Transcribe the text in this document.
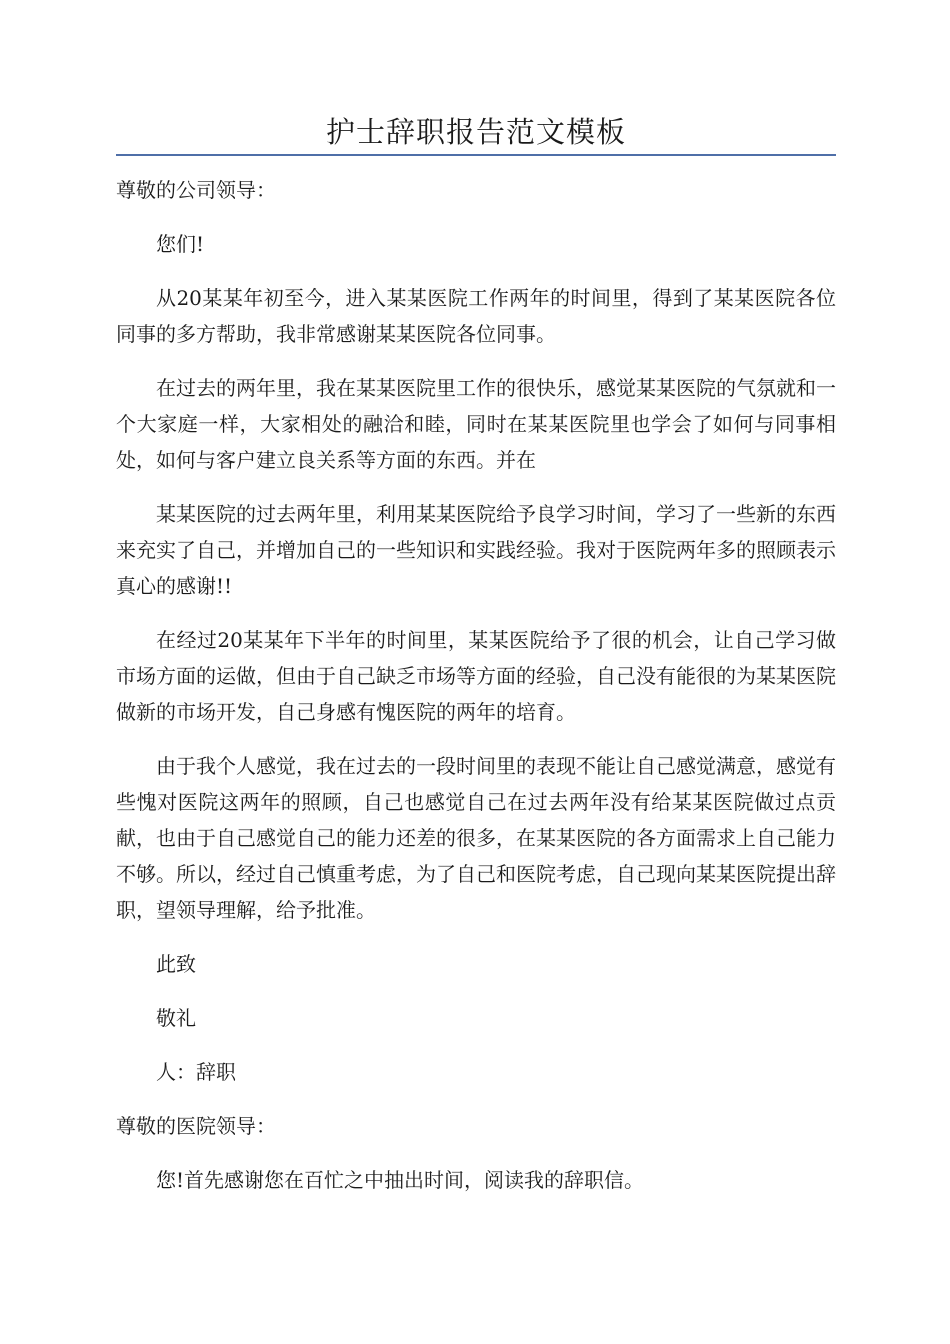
护士辞职报告范文模板

尊敬的公司领导：

您们!

从20某某年初至今，进入某某医院工作两年的时间里，得到了某某医院各位同事的多方帮助，我非常感谢某某医院各位同事。

在过去的两年里，我在某某医院里工作的很快乐，感觉某某医院的气氛就和一个大家庭一样，大家相处的融洽和睦，同时在某某医院里也学会了如何与同事相处，如何与客户建立良关系等方面的东西。并在

某某医院的过去两年里，利用某某医院给予良学习时间，学习了一些新的东西来充实了自己，并增加自己的一些知识和实践经验。我对于医院两年多的照顾表示真心的感谢!!

在经过20某某年下半年的时间里，某某医院给予了很的机会，让自己学习做市场方面的运做，但由于自己缺乏市场等方面的经验，自己没有能很的为某某医院做新的市场开发，自己身感有愧医院的两年的培育。

由于我个人感觉，我在过去的一段时间里的表现不能让自己感觉满意，感觉有些愧对医院这两年的照顾，自己也感觉自己在过去两年没有给某某医院做过点贡献，也由于自己感觉自己的能力还差的很多，在某某医院的各方面需求上自己能力不够。所以，经过自己慎重考虑，为了自己和医院考虑，自己现向某某医院提出辞职，望领导理解，给予批准。

此致

敬礼

人：辞职

尊敬的医院领导：

您!首先感谢您在百忙之中抽出时间，阅读我的辞职信。
